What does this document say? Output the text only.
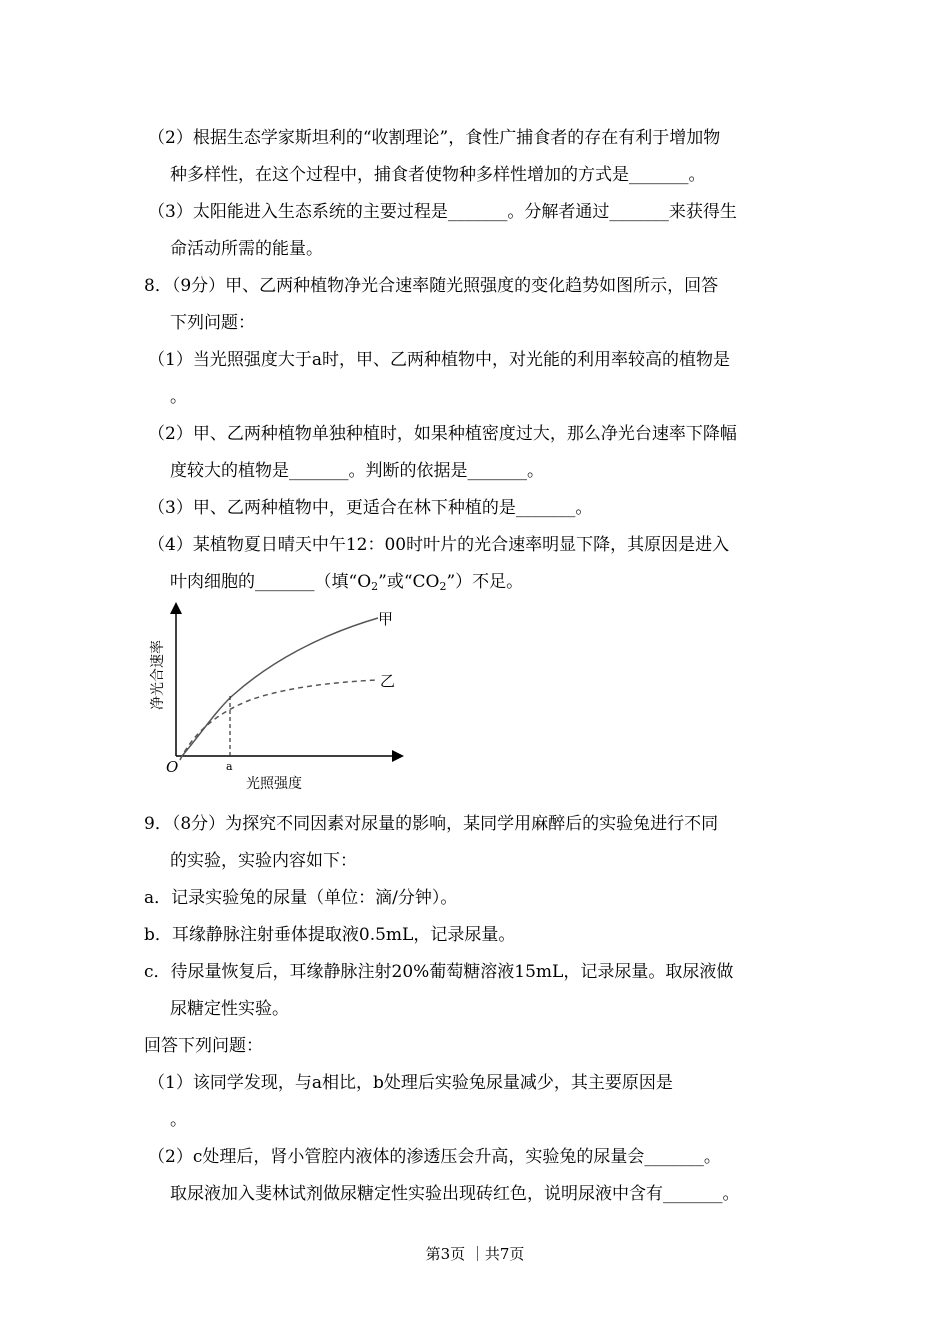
（2）根据生态学家斯坦利的“收割理论”，食性广捕食者的存在有利于增加物
种多样性，在这个过程中，捕食者使物种多样性增加的方式是_______。
（3）太阳能进入生态系统的主要过程是_______。分解者通过_______来获得生
命活动所需的能量。
8．（9分）甲、乙两种植物净光合速率随光照强度的变化趋势如图所示，回答
下列问题：
（1）当光照强度大于a时，甲、乙两种植物中，对光能的利用率较高的植物是
。
（2）甲、乙两种植物单独种植时，如果种植密度过大，那么净光台速率下降幅
度较大的植物是_______。判断的依据是_______。
（3）甲、乙两种植物中，更适合在林下种植的是_______。
（4）某植物夏日晴天中午12：00时叶片的光合速率明显下降，其原因是进入
叶肉细胞的_______（填“$O_2$”或“$CO_2$”）不足。
甲
乙
a
O
光照强度
净光合速率
9．（8分）为探究不同因素对尿量的影响，某同学用麻醉后的实验兔进行不同
的实验，实验内容如下：
a．记录实验兔的尿量（单位：滴/分钟）。
b．耳缘静脉注射垂体提取液0.5mL，记录尿量。
c．待尿量恢复后，耳缘静脉注射20%葡萄糖溶液15mL，记录尿量。取尿液做
尿糖定性实验。
回答下列问题：
（1）该同学发现，与a相比，b处理后实验兔尿量减少，其主要原因是
。
（2）c处理后，肾小管腔内液体的渗透压会升高，实验兔的尿量会_______。
取尿液加入斐林试剂做尿糖定性实验出现砖红色，说明尿液中含有_______。
第3页 ｜共7页
